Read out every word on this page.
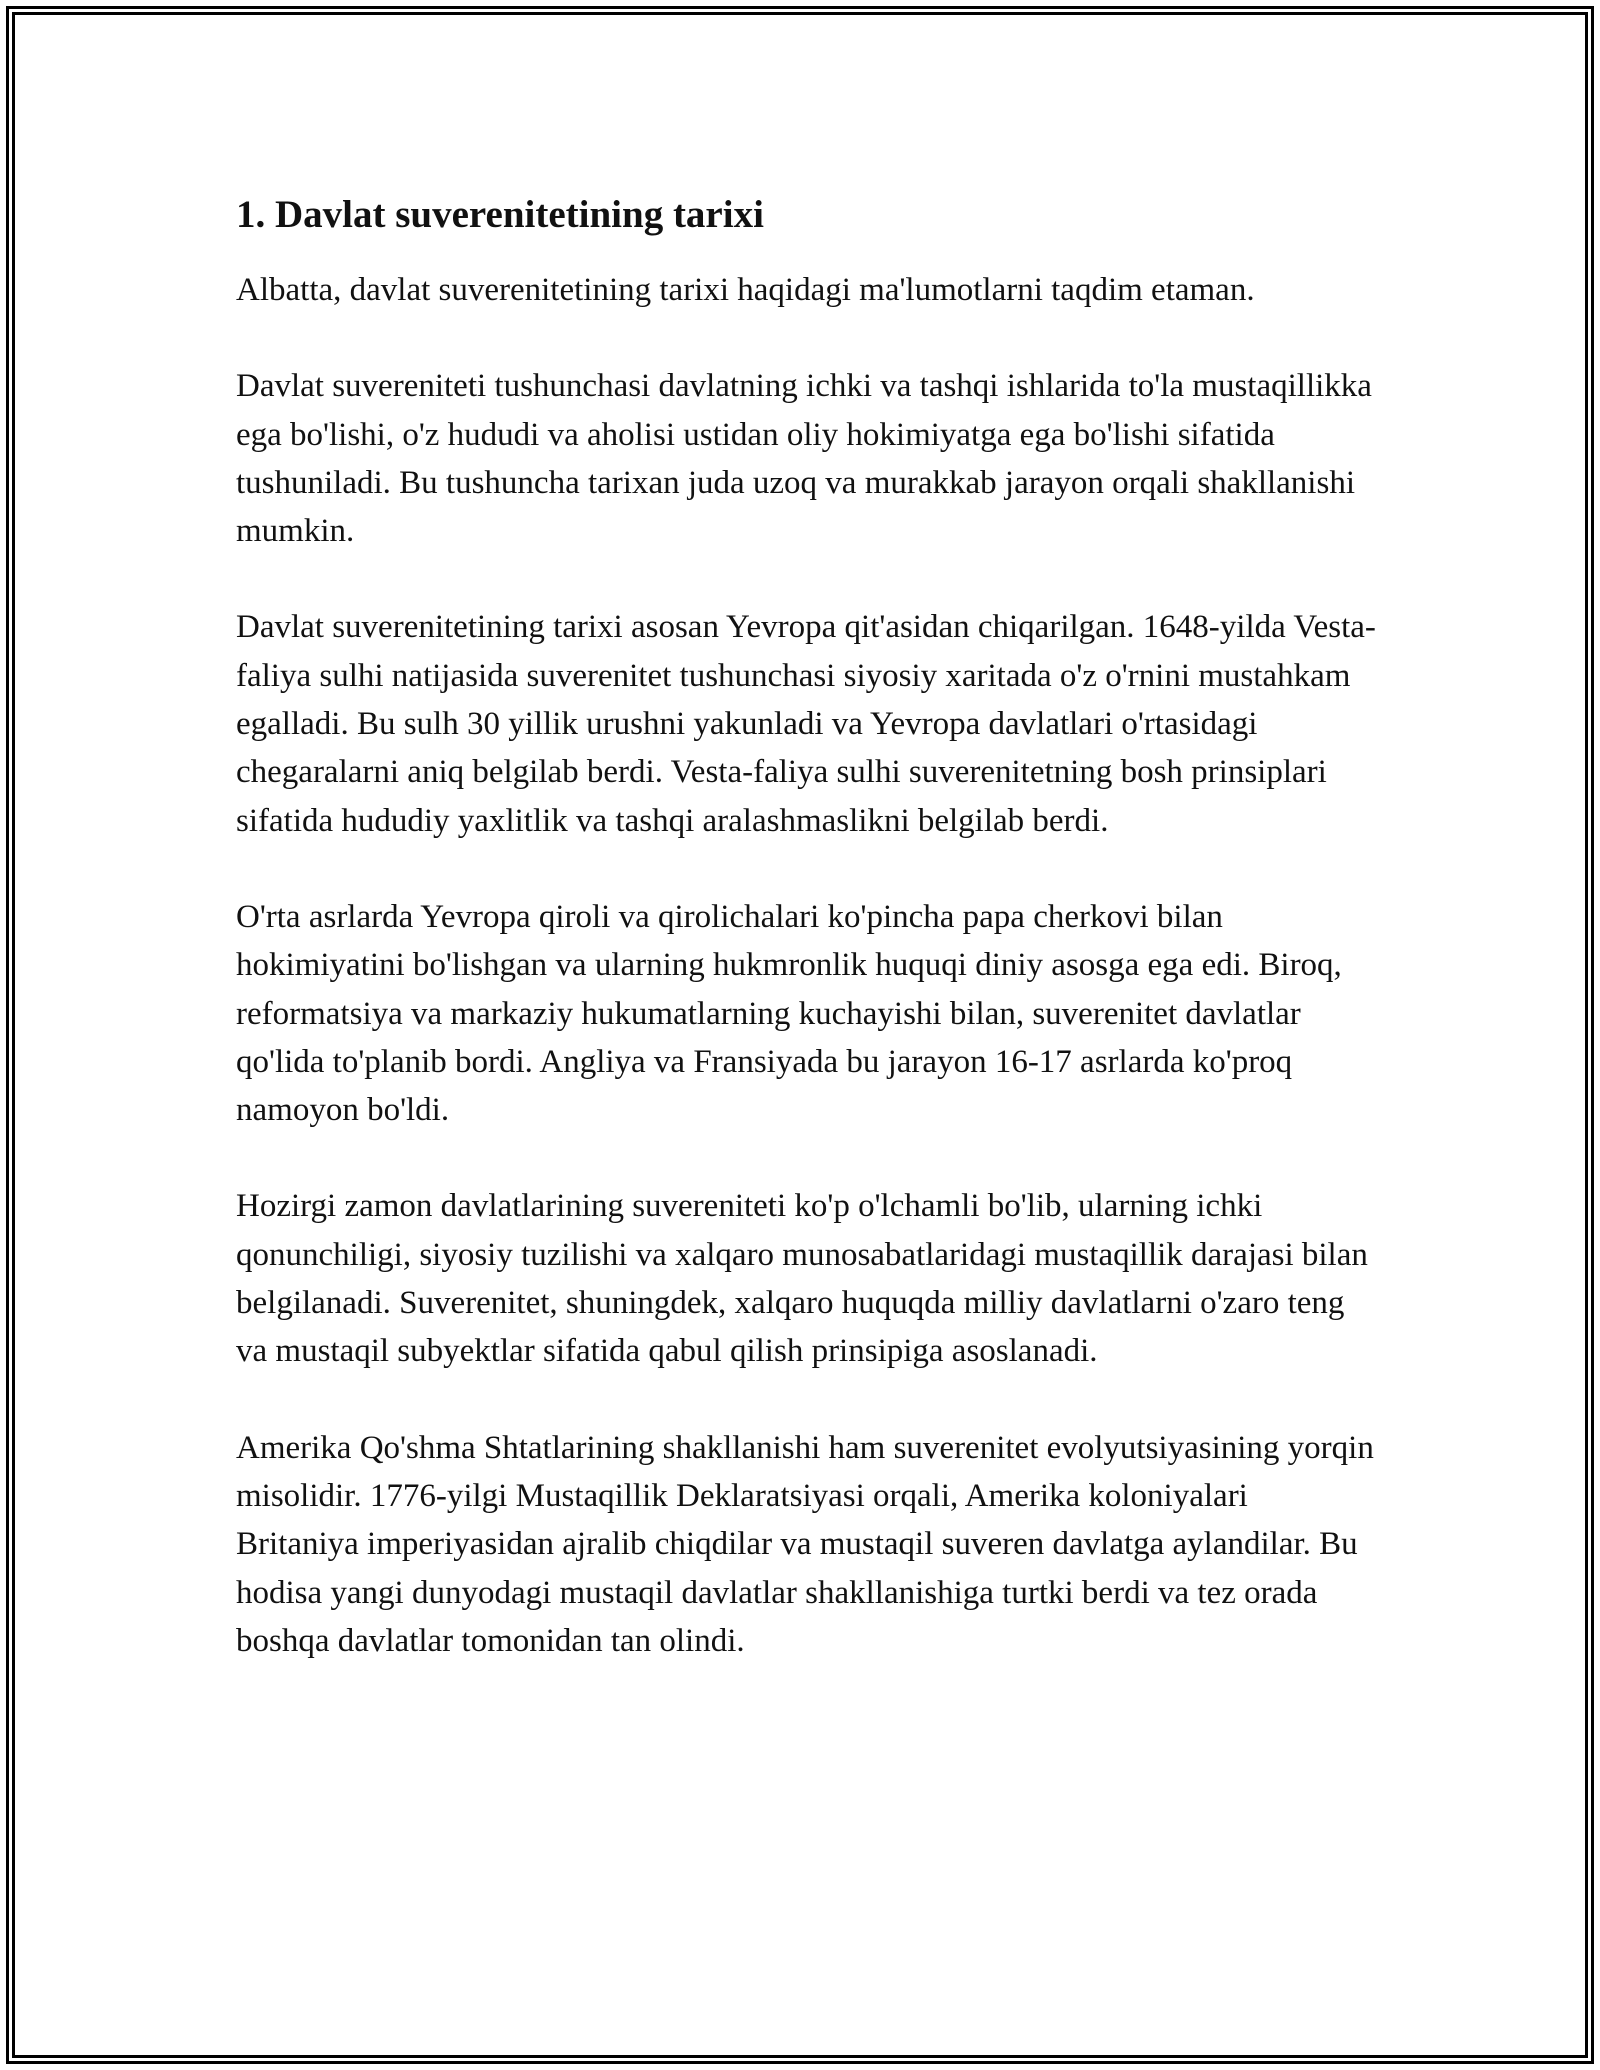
1. Davlat suverenitetining tarixi

Albatta, davlat suverenitetining tarixi haqidagi ma'lumotlarni taqdim etaman.

Davlat suvereniteti tushunchasi davlatning ichki va tashqi ishlarida to'la mustaqillikka ega bo'lishi, o'z hududi va aholisi ustidan oliy hokimiyatga ega bo'lishi sifatida tushuniladi. Bu tushuncha tarixan juda uzoq va murakkab jarayon orqali shakllanishi mumkin.

Davlat suverenitetining tarixi asosan Yevropa qit'asidan chiqarilgan. 1648-yilda Vesta-faliya sulhi natijasida suverenitet tushunchasi siyosiy xaritada o'z o'rnini mustahkam egalladi. Bu sulh 30 yillik urushni yakunladi va Yevropa davlatlari o'rtasidagi chegaralarni aniq belgilab berdi. Vesta-faliya sulhi suverenitetning bosh prinsiplari sifatida hududiy yaxlitlik va tashqi aralashmaslikni belgilab berdi.

O'rta asrlarda Yevropa qiroli va qirolichalari ko'pincha papa cherkovi bilan hokimiyatini bo'lishgan va ularning hukmronlik huquqi diniy asosga ega edi. Biroq, reformatsiya va markaziy hukumatlarning kuchayishi bilan, suverenitet davlatlar qo'lida to'planib bordi. Angliya va Fransiyada bu jarayon 16-17 asrlarda ko'proq namoyon bo'ldi.

Hozirgi zamon davlatlarining suvereniteti ko'p o'lchamli bo'lib, ularning ichki qonunchiligi, siyosiy tuzilishi va xalqaro munosabatlaridagi mustaqillik darajasi bilan belgilanadi. Suverenitet, shuningdek, xalqaro huquqda milliy davlatlarni o'zaro teng va mustaqil subyektlar sifatida qabul qilish prinsipiga asoslanadi.

Amerika Qo'shma Shtatlarining shakllanishi ham suverenitet evolyutsiyasining yorqin misolidir. 1776-yilgi Mustaqillik Deklaratsiyasi orqali, Amerika koloniyalari Britaniya imperiyasidan ajralib chiqdilar va mustaqil suveren davlatga aylandilar. Bu hodisa yangi dunyodagi mustaqil davlatlar shakllanishiga turtki berdi va tez orada boshqa davlatlar tomonidan tan olindi.
